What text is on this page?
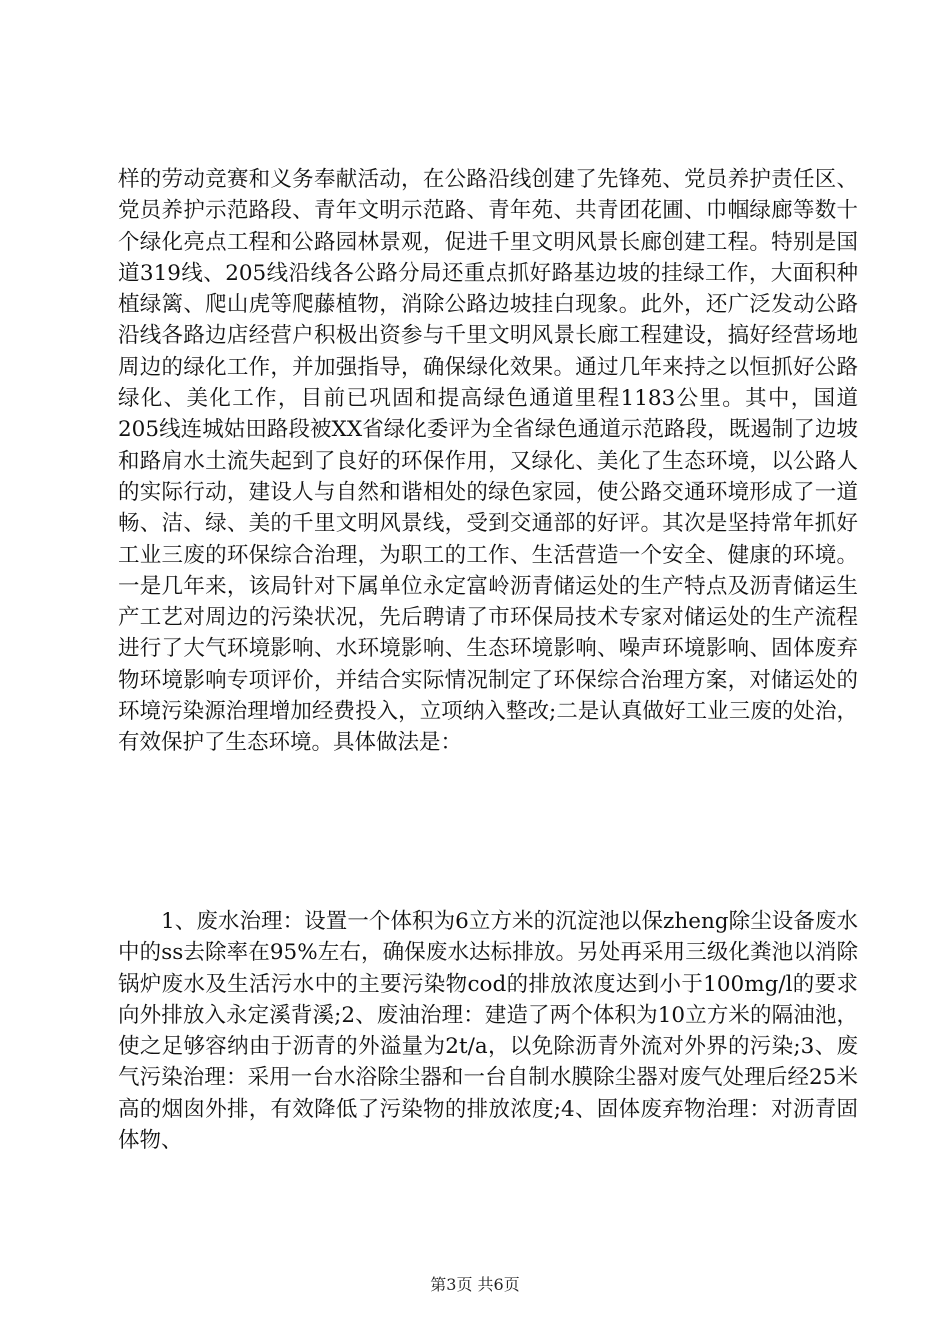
样的劳动竞赛和义务奉献活动，在公路沿线创建了先锋苑、党员养护责任区、党员养护示范路段、青年文明示范路、青年苑、共青团花圃、巾帼绿廊等数十个绿化亮点工程和公路园林景观，促进千里文明风景长廊创建工程。特别是国道319线、205线沿线各公路分局还重点抓好路基边坡的挂绿工作，大面积种植绿篱、爬山虎等爬藤植物，消除公路边坡挂白现象。此外，还广泛发动公路沿线各路边店经营户积极出资参与千里文明风景长廊工程建设，搞好经营场地周边的绿化工作，并加强指导，确保绿化效果。通过几年来持之以恒抓好公路绿化、美化工作，目前已巩固和提高绿色通道里程1183公里。其中，国道205线连城姑田路段被XX省绿化委评为全省绿色通道示范路段，既遏制了边坡和路肩水土流失起到了良好的环保作用，又绿化、美化了生态环境，以公路人的实际行动，建设人与自然和谐相处的绿色家园，使公路交通环境形成了一道畅、洁、绿、美的千里文明风景线，受到交通部的好评。其次是坚持常年抓好工业三废的环保综合治理，为职工的工作、生活营造一个安全、健康的环境。一是几年来，该局针对下属单位永定富岭沥青储运处的生产特点及沥青储运生产工艺对周边的污染状况，先后聘请了市环保局技术专家对储运处的生产流程进行了大气环境影响、水环境影响、生态环境影响、噪声环境影响、固体废弃物环境影响专项评价，并结合实际情况制定了环保综合治理方案，对储运处的环境污染源治理增加经费投入，立项纳入整改;二是认真做好工业三废的处治，有效保护了生态环境。具体做法是：

1、废水治理：设置一个体积为6立方米的沉淀池以保zheng除尘设备废水中的ss去除率在95%左右，确保废水达标排放。另处再采用三级化粪池以消除锅炉废水及生活污水中的主要污染物cod的排放浓度达到小于100mg/l的要求向外排放入永定溪背溪;2、废油治理：建造了两个体积为10立方米的隔油池，使之足够容纳由于沥青的外溢量为2t/a，以免除沥青外流对外界的污染;3、废气污染治理：采用一台水浴除尘器和一台自制水膜除尘器对废气处理后经25米高的烟囱外排，有效降低了污染物的排放浓度;4、固体废弃物治理：对沥青固体物、

第3页 共6页
